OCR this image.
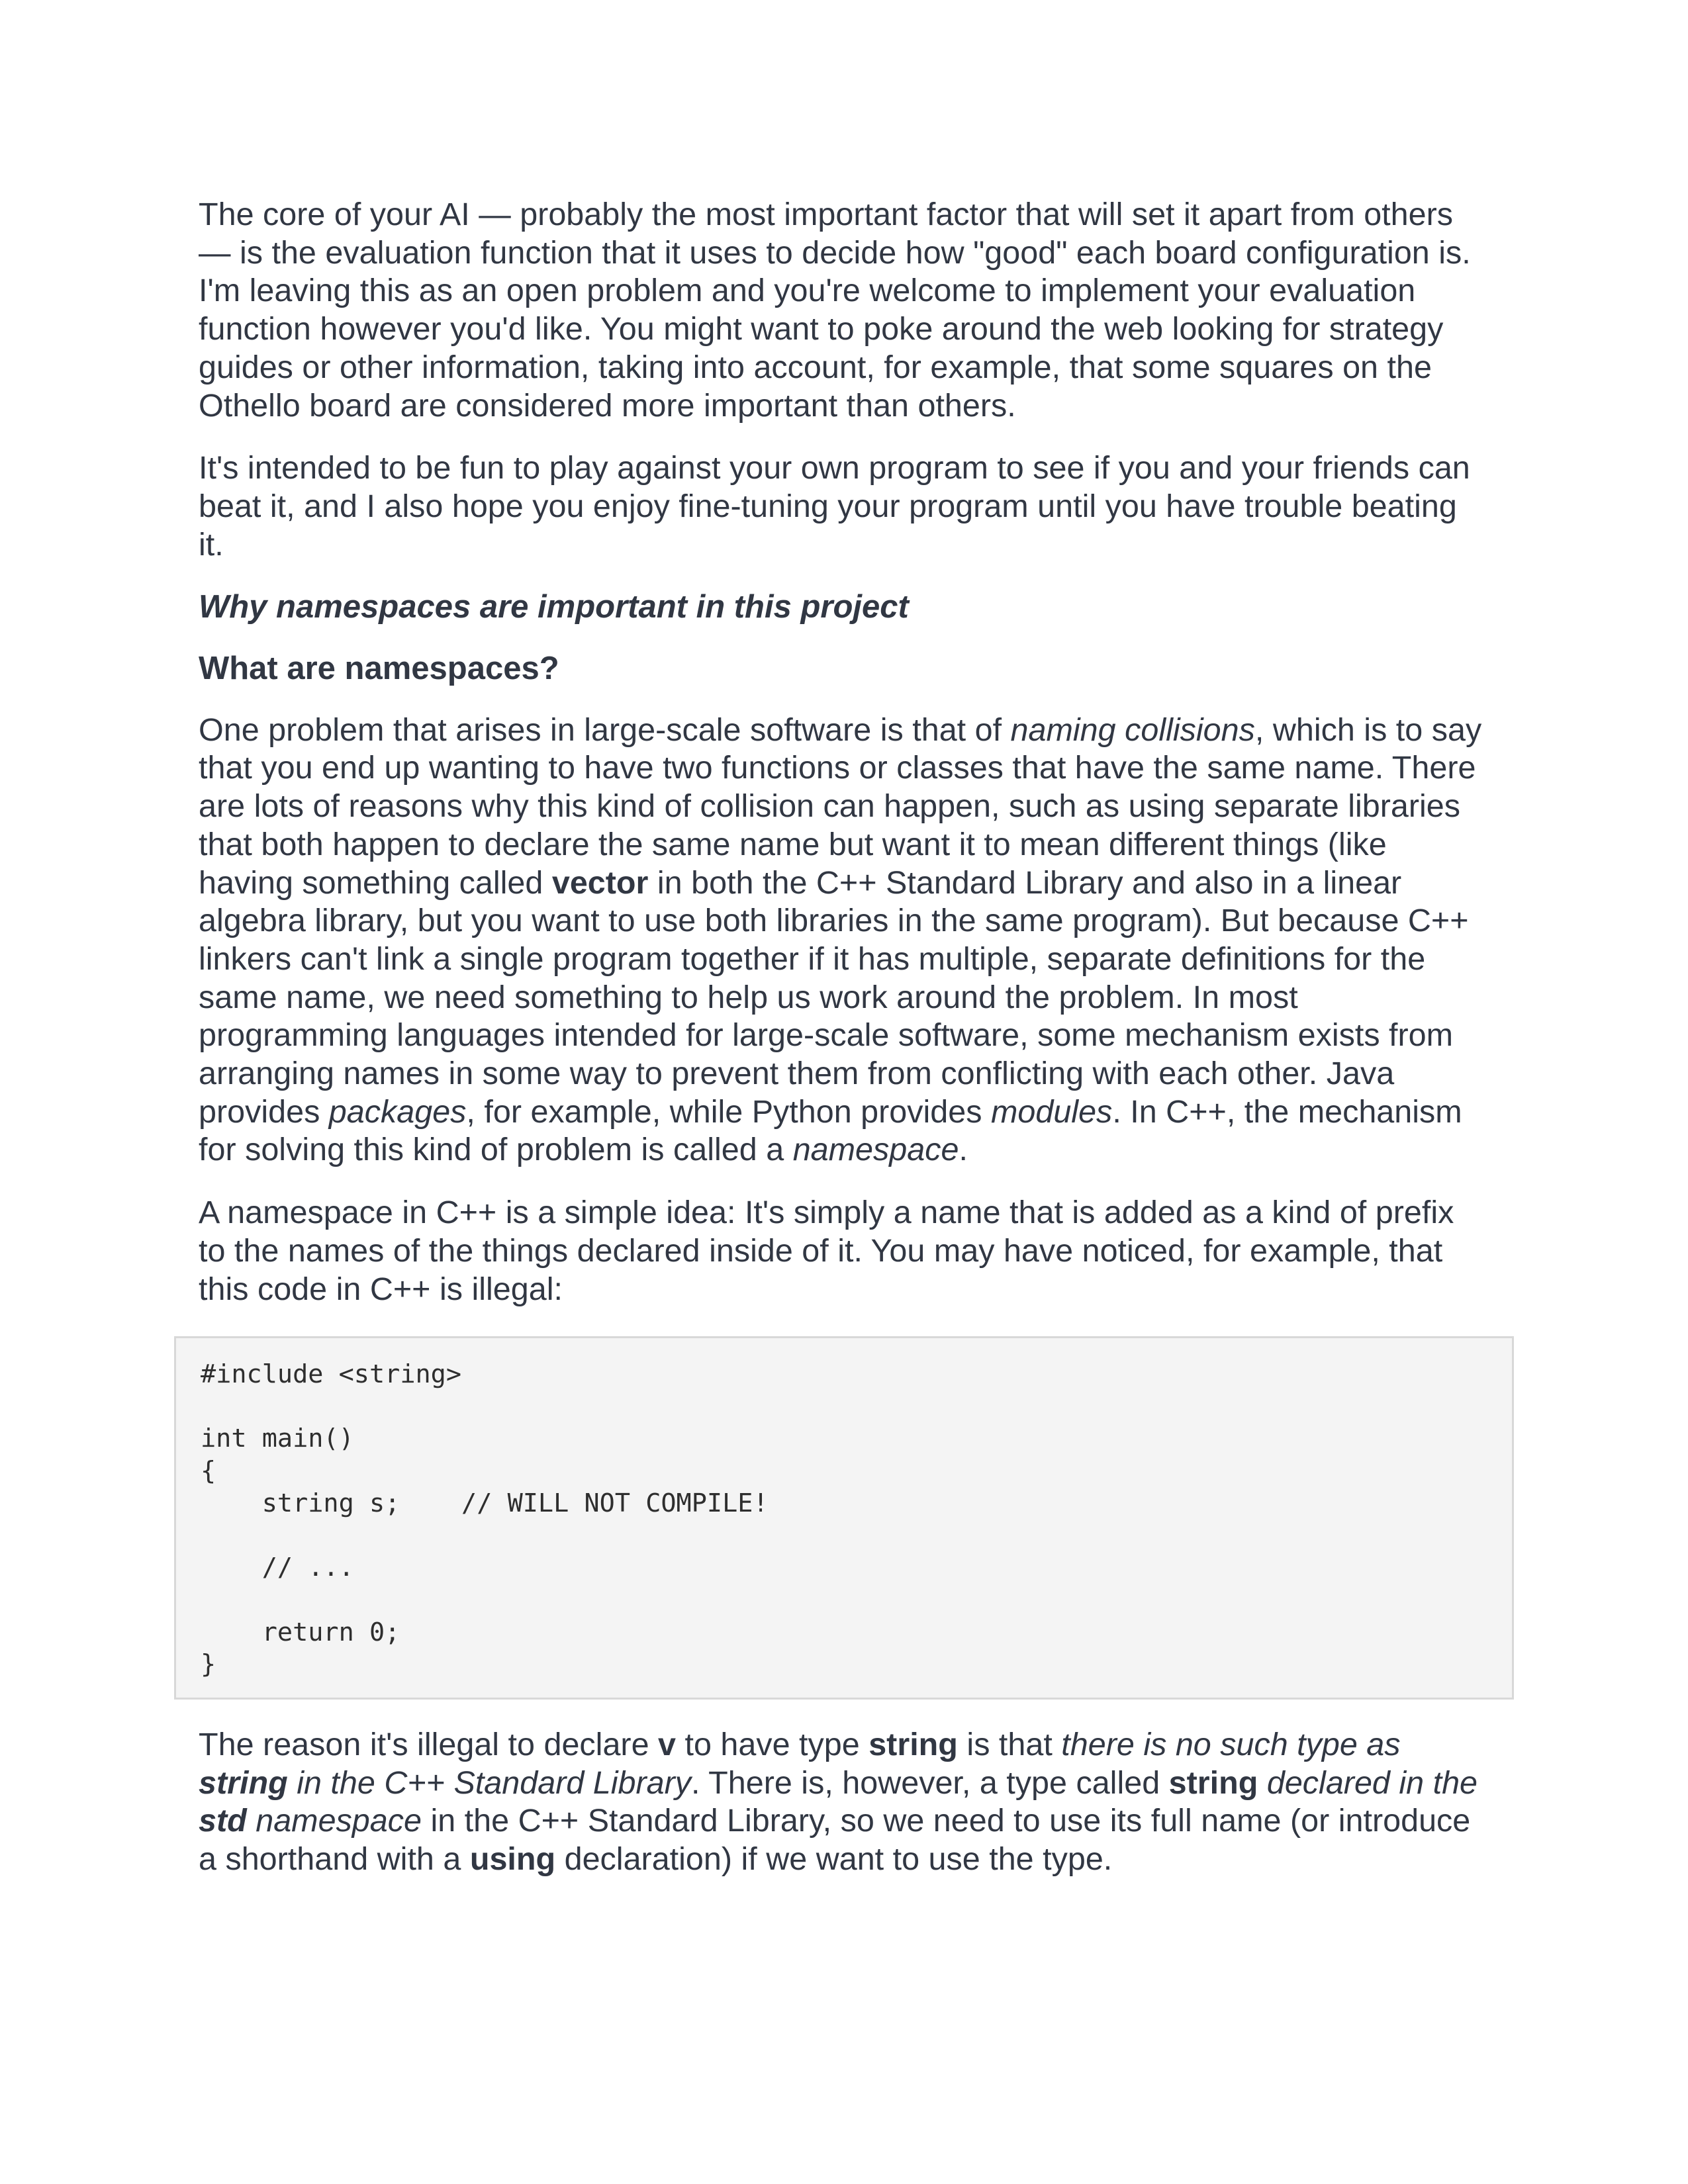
The core of your AI — probably the most important factor that will set it apart from others — is the evaluation function that it uses to decide how "good" each board configuration is. I'm leaving this as an open problem and you're welcome to implement your evaluation function however you'd like. You might want to poke around the web looking for strategy guides or other information, taking into account, for example, that some squares on the Othello board are considered more important than others.

It's intended to be fun to play against your own program to see if you and your friends can beat it, and I also hope you enjoy fine-tuning your program until you have trouble beating it.

Why namespaces are important in this project

What are namespaces?

One problem that arises in large-scale software is that of naming collisions, which is to say that you end up wanting to have two functions or classes that have the same name. There are lots of reasons why this kind of collision can happen, such as using separate libraries that both happen to declare the same name but want it to mean different things (like having something called vector in both the C++ Standard Library and also in a linear algebra library, but you want to use both libraries in the same program). But because C++ linkers can't link a single program together if it has multiple, separate definitions for the same name, we need something to help us work around the problem. In most programming languages intended for large-scale software, some mechanism exists from arranging names in some way to prevent them from conflicting with each other. Java provides packages, for example, while Python provides modules. In C++, the mechanism for solving this kind of problem is called a namespace.

A namespace in C++ is a simple idea: It's simply a name that is added as a kind of prefix to the names of the things declared inside of it. You may have noticed, for example, that this code in C++ is illegal:

#include <string>

int main()
{
string s;    // WILL NOT COMPILE!

// ...

return 0;
}

The reason it's illegal to declare v to have type string is that there is no such type as string in the C++ Standard Library. There is, however, a type called string declared in the std namespace in the C++ Standard Library, so we need to use its full name (or introduce a shorthand with a using declaration) if we want to use the type.
